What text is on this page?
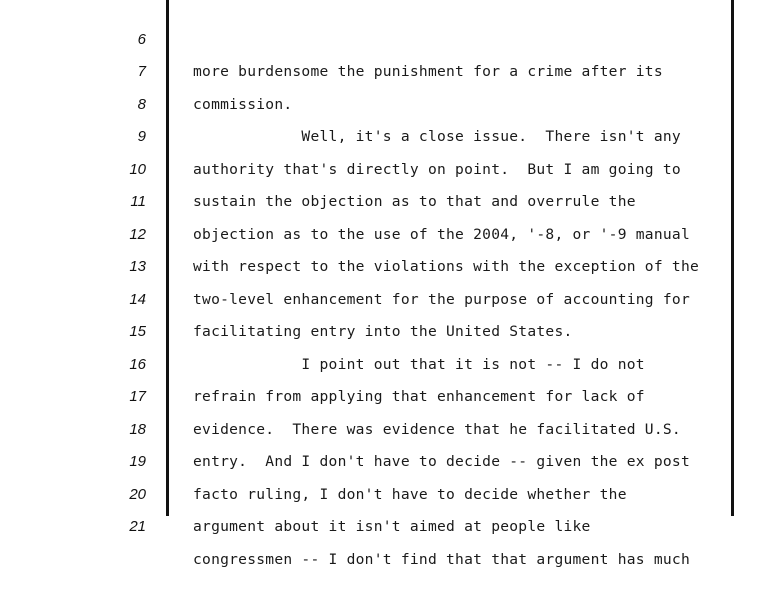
6

more burdensome the punishment for a crime after its

7

commission.

8

Well, it's a close issue.  There isn't any

9

authority that's directly on point.  But I am going to

10

sustain the objection as to that and overrule the

11

objection as to the use of the 2004, '-8, or '-9 manual

12

with respect to the violations with the exception of the

13

two-level enhancement for the purpose of accounting for

14

facilitating entry into the United States.

15

I point out that it is not -- I do not

16

refrain from applying that enhancement for lack of

17

evidence.  There was evidence that he facilitated U.S.

18

entry.  And I don't have to decide -- given the ex post

19

facto ruling, I don't have to decide whether the

20

argument about it isn't aimed at people like

21

congressmen -- I don't find that that argument has much
